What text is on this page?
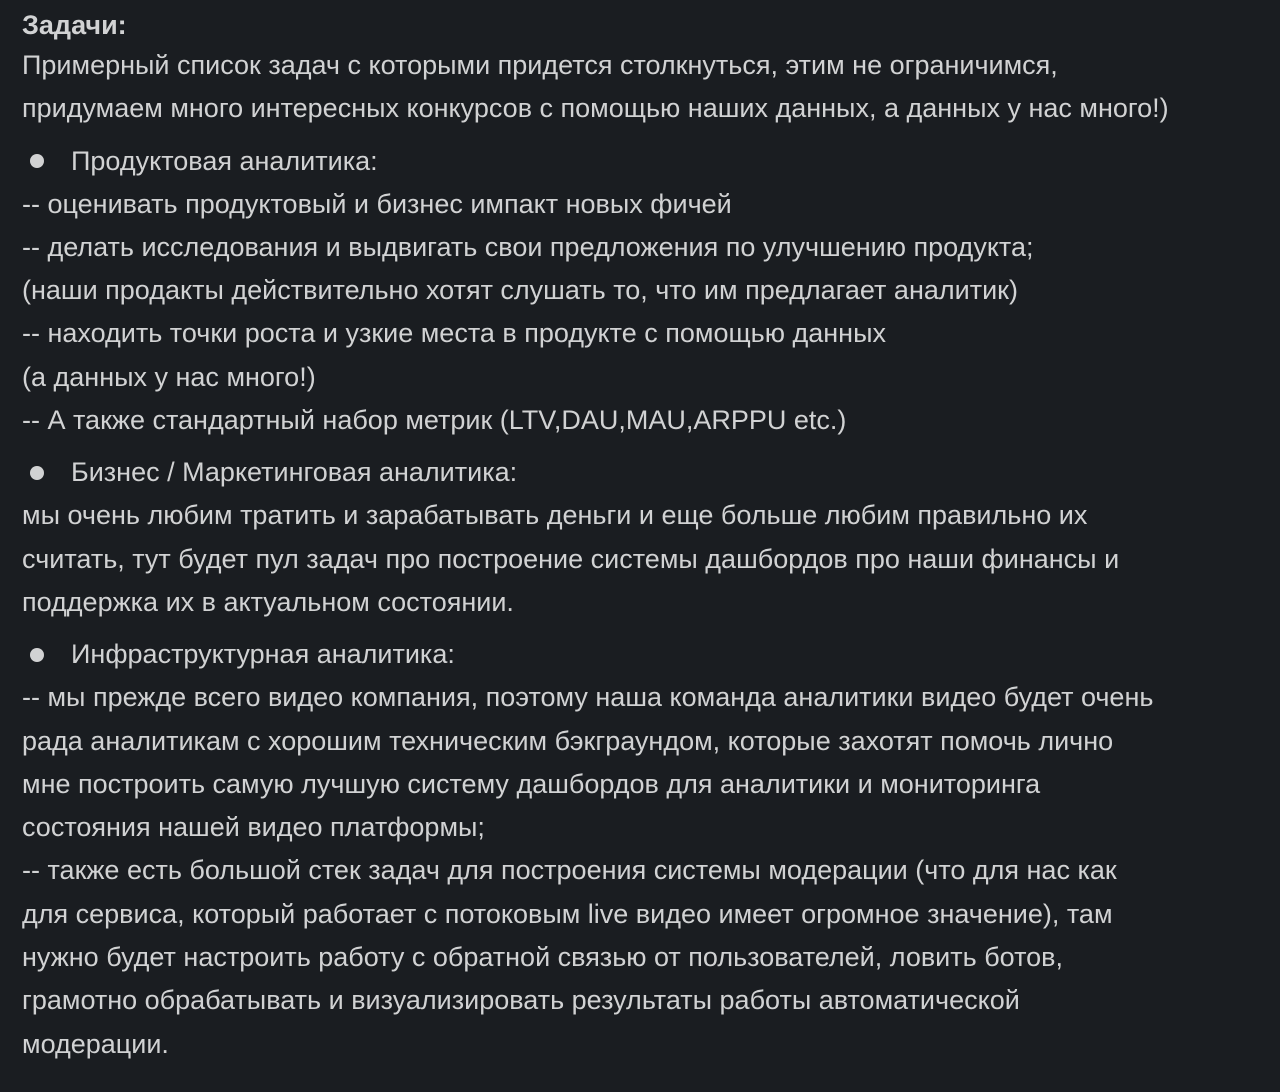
Задачи:
Примерный список задач с которыми придется столкнуться, этим не ограничимся,
придумаем много интересных конкурсов с помощью наших данных, а данных у нас много!)
Продуктовая аналитика:
-- оценивать продуктовый и бизнес импакт новых фичей
-- делать исследования и выдвигать свои предложения по улучшению продукта;
(наши продакты действительно хотят слушать то, что им предлагает аналитик)
-- находить точки роста и узкие места в продукте с помощью данных
(а данных у нас много!)
-- А также стандартный набор метрик (LTV,DAU,MAU,ARPPU etc.)
Бизнес / Маркетинговая аналитика:
мы очень любим тратить и зарабатывать деньги и еще больше любим правильно их
считать, тут будет пул задач про построение системы дашбордов про наши финансы и
поддержка их в актуальном состоянии.
Инфраструктурная аналитика:
-- мы прежде всего видео компания, поэтому наша команда аналитики видео будет очень
рада аналитикам с хорошим техническим бэкграундом, которые захотят помочь лично
мне построить самую лучшую систему дашбордов для аналитики и мониторинга
состояния нашей видео платформы;
-- также есть большой стек задач для построения системы модерации (что для нас как
для сервиса, который работает с потоковым live видео имеет огромное значение), там
нужно будет настроить работу с обратной связью от пользователей, ловить ботов,
грамотно обрабатывать и визуализировать результаты работы автоматической
модерации.
